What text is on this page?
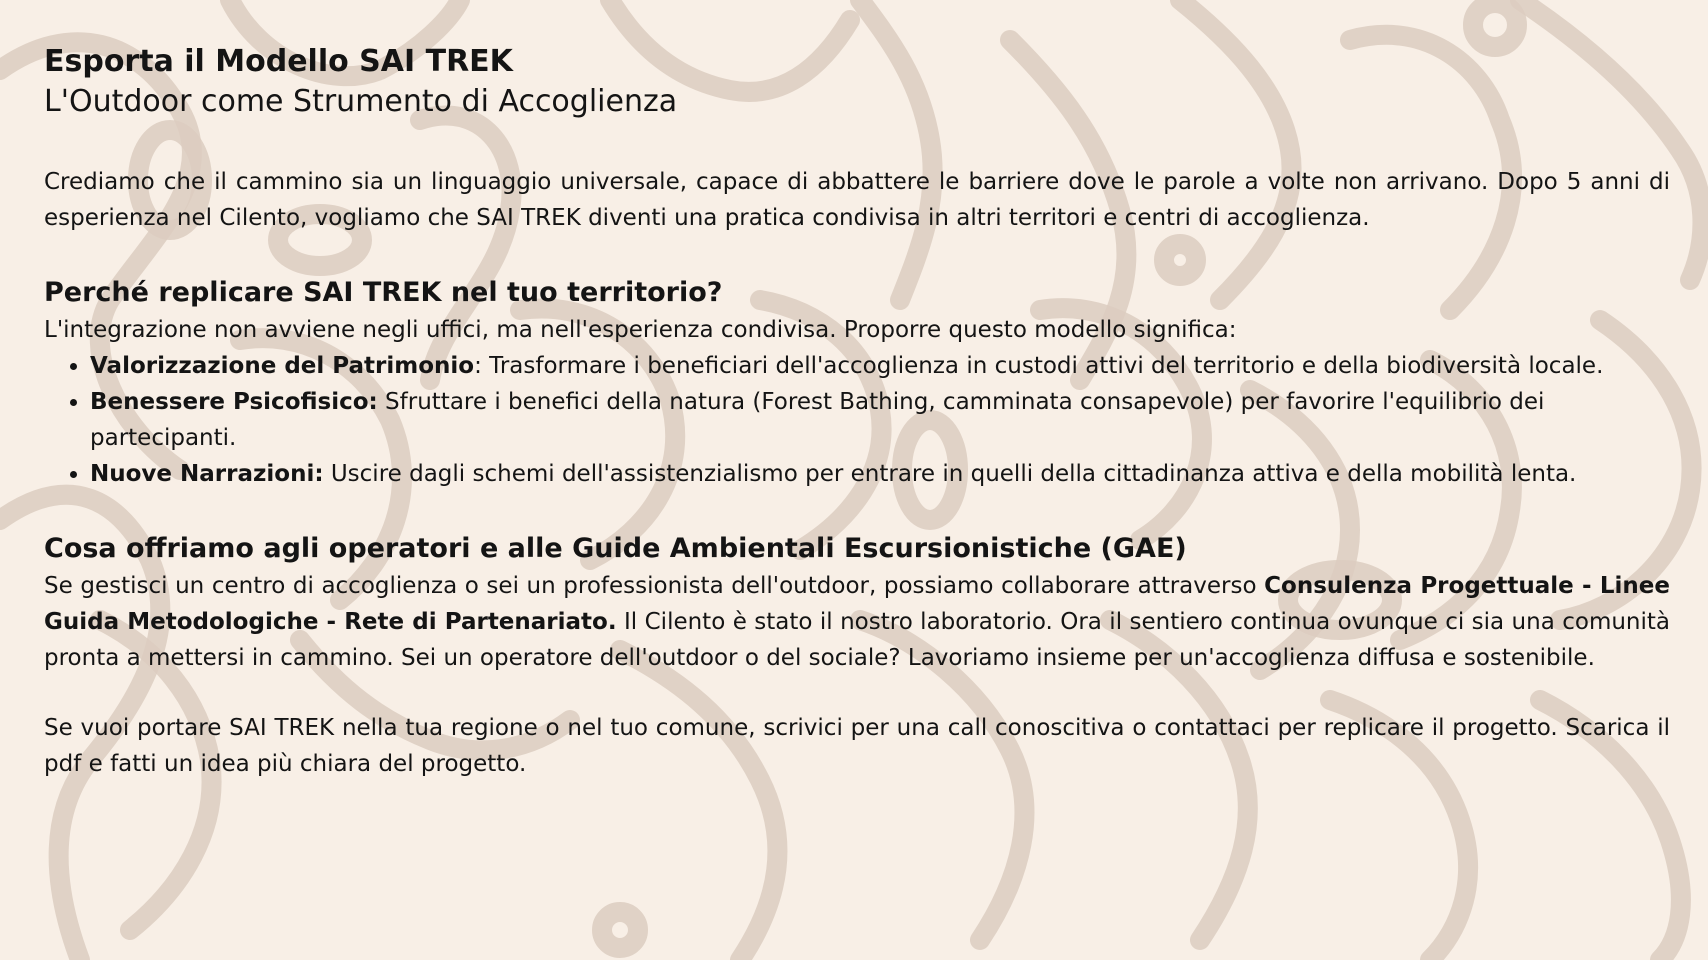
Esporta il Modello SAI TREK
L'Outdoor come Strumento di Accoglienza

Crediamo che il cammino sia un linguaggio universale, capace di abbattere le barriere dove le parole a volte non arrivano. Dopo 5 anni di esperienza nel Cilento, vogliamo che SAI TREK diventi una pratica condivisa in altri territori e centri di accoglienza.

Perché replicare SAI TREK nel tuo territorio?

L'integrazione non avviene negli uffici, ma nell'esperienza condivisa. Proporre questo modello significa:

• Valorizzazione del Patrimonio: Trasformare i beneficiari dell'accoglienza in custodi attivi del territorio e della biodiversità locale.
• Benessere Psicofisico: Sfruttare i benefici della natura (Forest Bathing, camminata consapevole) per favorire l'equilibrio dei partecipanti.
• Nuove Narrazioni: Uscire dagli schemi dell'assistenzialismo per entrare in quelli della cittadinanza attiva e della mobilità lenta.
Cosa offriamo agli operatori e alle Guide Ambientali Escursionistiche (GAE)

Se gestisci un centro di accoglienza o sei un professionista dell'outdoor, possiamo collaborare attraverso Consulenza Progettuale - Linee Guida Metodologiche - Rete di Partenariato. Il Cilento è stato il nostro laboratorio. Ora il sentiero continua ovunque ci sia una comunità pronta a mettersi in cammino. Sei un operatore dell'outdoor o del sociale? Lavoriamo insieme per un'accoglienza diffusa e sostenibile.

Se vuoi portare SAI TREK nella tua regione o nel tuo comune, scrivici per una call conoscitiva o contattaci per replicare il progetto. Scarica il pdf e fatti un idea più chiara del progetto.
